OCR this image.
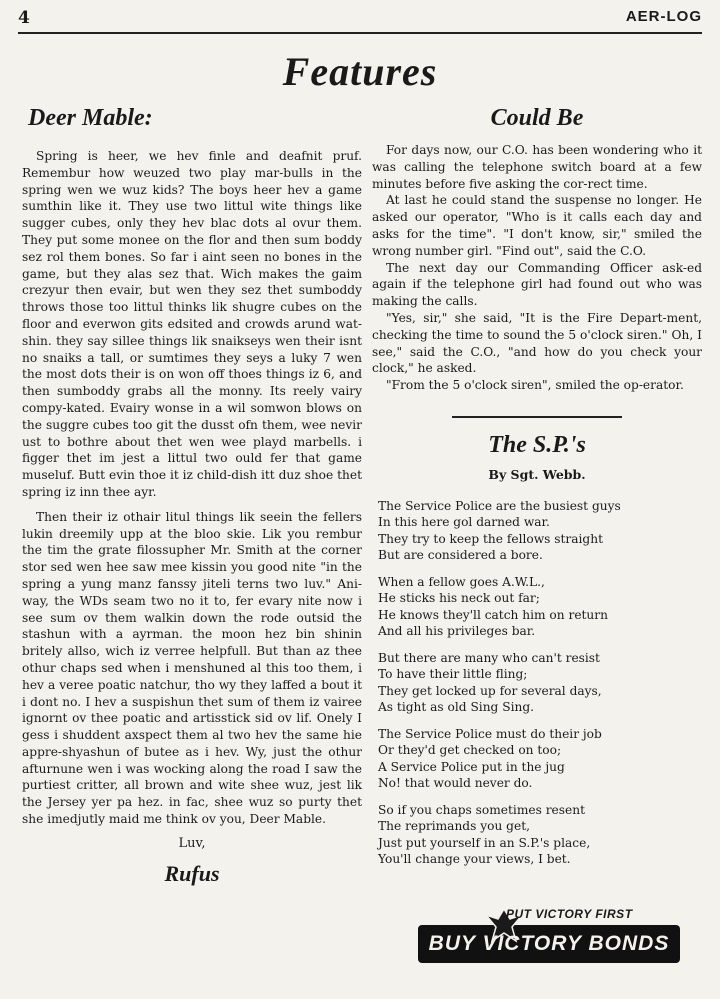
4	AER-LOG
Features
Deer Mable:

Spring is heer, we hev finle and deafnit pruf. Remembur how weuzed two play mar-bulls in the spring wen we wuz kids? The boys heer hev a game sumthin like it. They use two littul wite things like sugger cubes, only they hev blac dots al ovur them. They put some monee on the flor and then sum boddy sez rol them bones. So far i aint seen no bones in the game, but they alas sez that. Wich makes the gaim crezyur then evair, but wen they sez thet sumboddy throws those too littul thinks lik shugre cubes on the floor and everwon gits edsited and crowds arund wat-shin. they say sillee things lik snaikseys wen their isnt no snaiks a tall, or sumtimes they seys a luky 7 wen the most dots their is on won off thoes things iz 6, and then sumboddy grabs all the monny. Its reely vairy compy-kated. Evairy wonse in a wil somwon blows on the suggre cubes too git the dusst ofn them, wee nevir ust to bothre about thet wen wee playd marbells. i figger thet im jest a littul two ould fer that game museluf. Butt evin thoe it iz child-dish itt duz shoe thet spring iz inn thee ayr.

Then their iz othair litul things lik seein the fellers lukin dreemily upp at the bloo skie. Lik you rembur the tim the grate filossupher Mr. Smith at the corner stor sed wen hee saw mee kissin you good nite "in the spring a yung manz fanssy jiteli terns two luv." Ani-way, the WDs seam two no it to, fer evary nite now i see sum ov them walkin down the rode outsid the stashun with a ayrman. the moon hez bin shinin britely allso, wich iz verree helpfull. But than az thee othur chaps sed when i menshuned al this too them, i hev a veree poatic natchur, tho wy they laffed a bout it i dont no. I hev a suspishun thet sum of them iz vairee ignornt ov thee poatic and artisstick sid ov lif. Onely I gess i shuddent axspect them al two hev the same hie appre-shyashun of butee as i hev. Wy, just the othur afturnune wen i was wocking along the road I saw the purtiest critter, all brown and wite shee wuz, jest lik the Jersey yer pa hez. in fac, shee wuz so purty thet she imedjutly maid me think ov you, Deer Mable.

Luv,
Rufus
Could Be

For days now, our C.O. has been wondering who it was calling the telephone switch board at a few minutes before five asking the cor-rect time.

At last he could stand the suspense no longer. He asked our operator, "Who is it calls each day and asks for the time". "I don't know, sir," smiled the wrong number girl. "Find out", said the C.O.

The next day our Commanding Officer ask-ed again if the telephone girl had found out who was making the calls.

"Yes, sir," she said, "It is the Fire Depart-ment, checking the time to sound the 5 o'clock siren." Oh, I see," said the C.O., "and how do you check your clock," he asked.

"From the 5 o'clock siren", smiled the op-erator.

The S.P.'s
By Sgt. Webb.
The Service Police are the busiest guys
In this here gol darned war.
They try to keep the fellows straight
But are considered a bore.
When a fellow goes A.W.L.,
He sticks his neck out far;
He knows they'll catch him on return
And all his privileges bar.
But there are many who can't resist
To have their little fling;
They get locked up for several days,
As tight as old Sing Sing.
The Service Police must do their job
Or they'd get checked on too;
A Service Police put in the jug
No! that would never do.
So if you chaps sometimes resent
The reprimands you get,
Just put yourself in an S.P.'s place,
You'll change your views, I bet.
PUT VICTORY FIRST
BUY VICTORY BONDS
